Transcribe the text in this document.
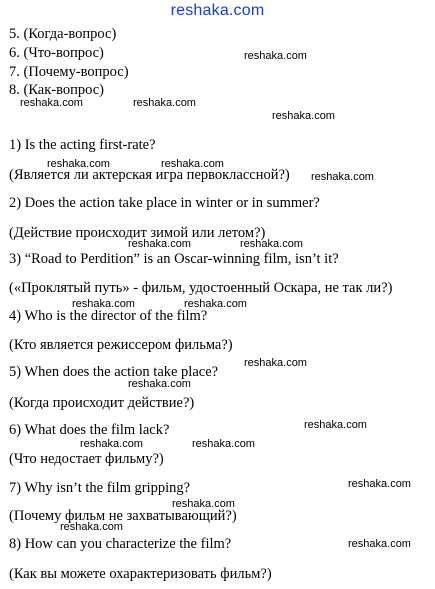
reshaka.com
5. (Когда-вопрос)
6. (Что-вопрос)
7. (Почему-вопрос)
8. (Как-вопрос)
1) Is the acting first-rate?
(Является ли актерская игра первоклассной?)
2) Does the action take place in winter or in summer?
(Действие происходит зимой или летом?)
3) “Road to Perdition” is an Oscar-winning film, isn’t it?
(«Проклятый путь» - фильм, удостоенный Оскара, не так ли?)
4) Who is the director of the film?
(Кто является режиссером фильма?)
5) When does the action take place?
(Когда происходит действие?)
6) What does the film lack?
(Что недостает фильму?)
7) Why isn’t the film gripping?
(Почему фильм не захватывающий?)
8) How can you characterize the film?
(Как вы можете охарактеризовать фильм?)
reshaka.com
reshaka.com	reshaka.com
reshaka.com
reshaka.com	reshaka.com
reshaka.com
reshaka.com	reshaka.com
reshaka.com	reshaka.com
reshaka.com
reshaka.com
reshaka.com
reshaka.com	reshaka.com
reshaka.com
reshaka.com
reshaka.com
reshaka.com
